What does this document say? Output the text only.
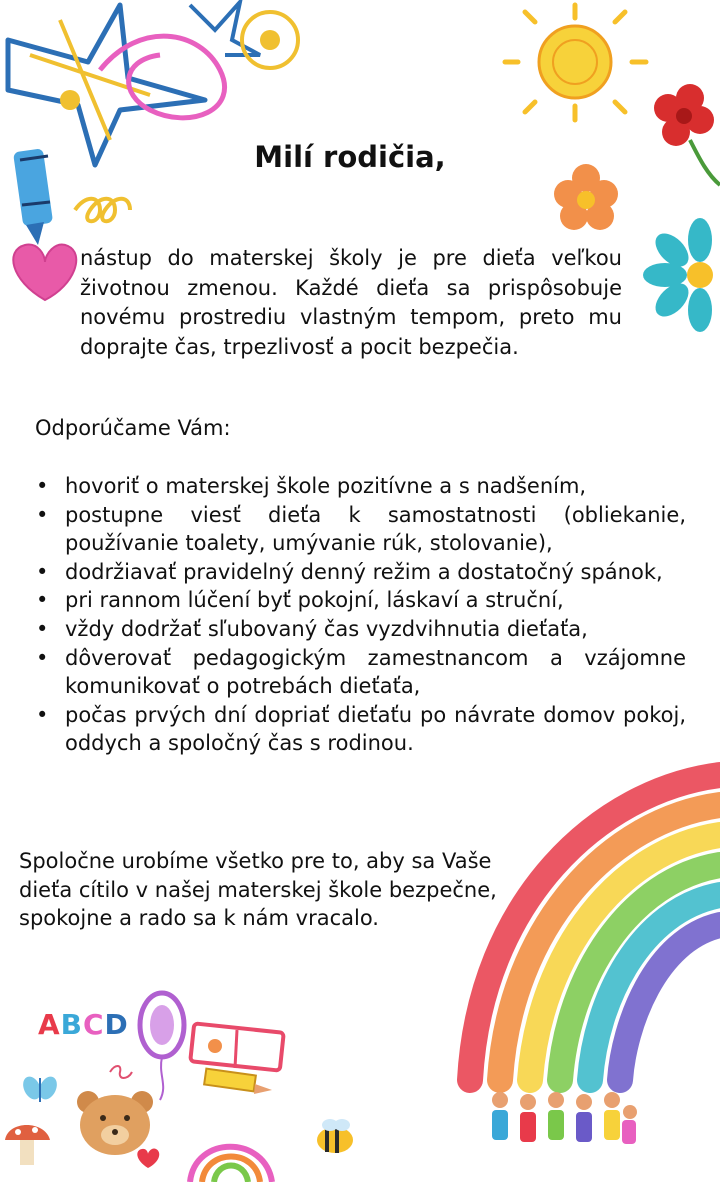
ABCD
Milí rodičia,

nástup do materskej školy je pre dieťa veľkou životnou zmenou. Každé dieťa sa prispôsobuje novému prostrediu vlastným tempom, preto mu doprajte čas, trpezlivosť a pocit bezpečia.

Odporúčame Vám:

• hovoriť o materskej škole pozitívne a s nadšením,
• postupne viesť dieťa k samostatnosti (obliekanie, používanie toalety, umývanie rúk, stolovanie),
• dodržiavať pravidelný denný režim a dostatočný spánok,
• pri rannom lúčení byť pokojní, láskaví a struční,
• vždy dodržať sľubovaný čas vyzdvihnutia dieťaťa,
• dôverovať pedagogickým zamestnancom a vzájomne komunikovať o potrebách dieťaťa,
• počas prvých dní dopriať dieťaťu po návrate domov pokoj, oddych a spoločný čas s rodinou.

Spoločne urobíme všetko pre to, aby sa Vaše dieťa cítilo v našej materskej škole bezpečne, spokojne a rado sa k nám vracalo.
